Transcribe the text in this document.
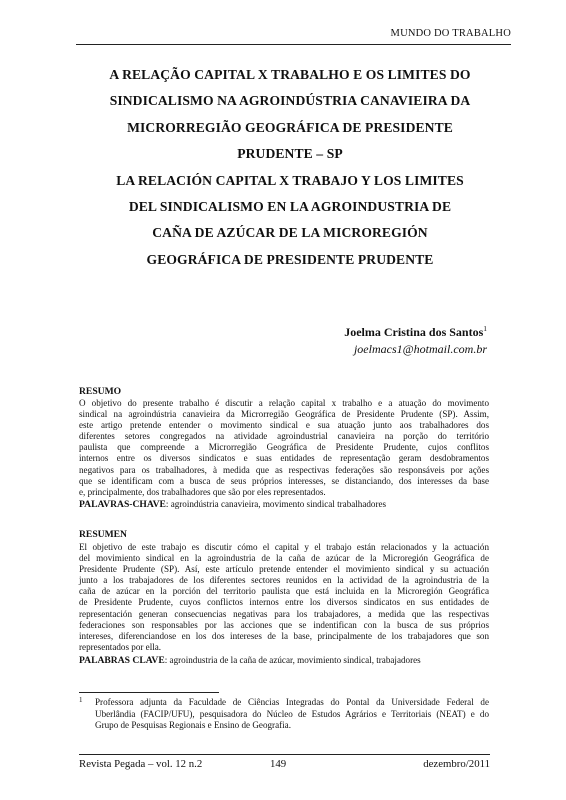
MUNDO DO TRABALHO
A RELAÇÃO CAPITAL X TRABALHO E OS LIMITES DO
SINDICALISMO NA AGROINDÚSTRIA CANAVIEIRA DA
MICRORREGIÃO GEOGRÁFICA DE PRESIDENTE
PRUDENTE – SP
LA RELACIÓN CAPITAL X TRABAJO Y LOS LIMITES
DEL SINDICALISMO EN LA AGROINDUSTRIA DE
CAÑA DE AZÚCAR DE LA MICROREGIÓN
GEOGRÁFICA DE PRESIDENTE PRUDENTE
Joelma Cristina dos Santos$^1$
joelmacs1@hotmail.com.br
RESUMO
O objetivo do presente trabalho é discutir a relação capital x trabalho e a atuação do movimento
sindical na agroindústria canavieira da Microrregião Geográfica de Presidente Prudente (SP). Assim,
este artigo pretende entender o movimento sindical e sua atuação junto aos trabalhadores dos
diferentes setores congregados na atividade agroindustrial canavieira na porção do território
paulista que compreende a Microrregião Geográfica de Presidente Prudente, cujos conflitos
internos entre os diversos sindicatos e suas entidades de representação geram desdobramentos
negativos para os trabalhadores, à medida que as respectivas federações são responsáveis por ações
que se identificam com a busca de seus próprios interesses, se distanciando, dos interesses da base
e, principalmente, dos trabalhadores que são por eles representados.
PALAVRAS-CHAVE: agroindústria canavieira, movimento sindical trabalhadores
RESUMEN
El objetivo de este trabajo es discutir cómo el capital y el trabajo están relacionados y la actuación
del movimiento sindical en la agroindustria de la caña de azúcar de la Microregión Geográfica de
Presidente Prudente (SP). Así, este artículo pretende entender el movimiento sindical y su actuación
junto a los trabajadores de los diferentes sectores reunidos en la actividad de la agroindustria de la
caña de azúcar en la porción del territorio paulista que está incluida en la Microregión Geográfica
de Presidente Prudente, cuyos conflictos internos entre los diversos sindicatos en sus entidades de
representación generan consecuencias negativas para los trabajadores, a medida que las respectivas
federaciones son responsables por las acciones que se indentifican con la busca de sus próprios
intereses, diferenciandose en los dos intereses de la base, principalmente de los trabajadores que son
representados por ella.
PALABRAS CLAVE: agroindustria de la caña de azúcar, movimiento sindical, trabajadores
1 Professora adjunta da Faculdade de Ciências Integradas do Pontal da Universidade Federal de
Uberlândia (FACIP/UFU), pesquisadora do Núcleo de Estudos Agrários e Territoriais (NEAT) e do
Grupo de Pesquisas Regionais e Ensino de Geografia.
Revista Pegada – vol. 12 n.2	149	dezembro/2011
